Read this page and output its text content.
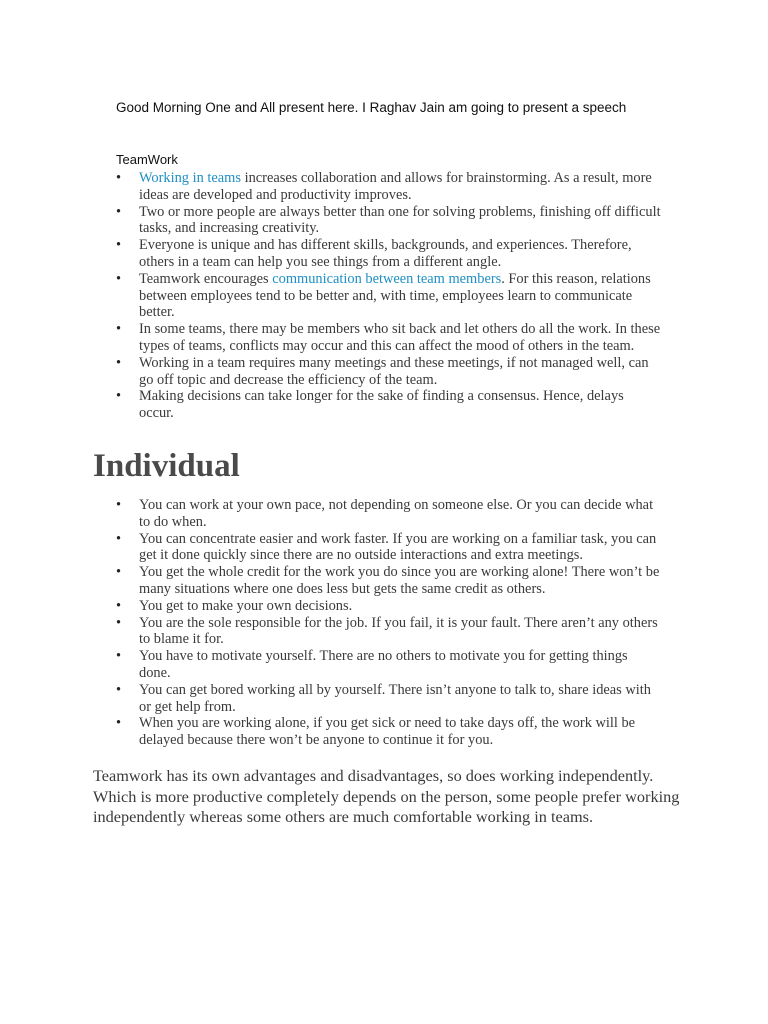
Good Morning One and All present here. I Raghav Jain am going to present a speech

TeamWork
• Working in teams increases collaboration and allows for brainstorming. As a result, more ideas are developed and productivity improves.
• Two or more people are always better than one for solving problems, finishing off difficult tasks, and increasing creativity.
• Everyone is unique and has different skills, backgrounds, and experiences. Therefore, others in a team can help you see things from a different angle.
• Teamwork encourages communication between team members. For this reason, relations between employees tend to be better and, with time, employees learn to communicate better.
• In some teams, there may be members who sit back and let others do all the work. In these types of teams, conflicts may occur and this can affect the mood of others in the team.
• Working in a team requires many meetings and these meetings, if not managed well, can go off topic and decrease the efficiency of the team.
• Making decisions can take longer for the sake of finding a consensus. Hence, delays occur.
Individual
• You can work at your own pace, not depending on someone else. Or you can decide what to do when.
• You can concentrate easier and work faster. If you are working on a familiar task, you can get it done quickly since there are no outside interactions and extra meetings.
• You get the whole credit for the work you do since you are working alone! There won’t be many situations where one does less but gets the same credit as others.
• You get to make your own decisions.
• You are the sole responsible for the job. If you fail, it is your fault. There aren’t any others to blame it for.
• You have to motivate yourself. There are no others to motivate you for getting things done.
• You can get bored working all by yourself. There isn’t anyone to talk to, share ideas with or get help from.
• When you are working alone, if you get sick or need to take days off, the work will be delayed because there won’t be anyone to continue it for you.

Teamwork has its own advantages and disadvantages, so does working independently. Which is more productive completely depends on the person, some people prefer working independently whereas some others are much comfortable working in teams.
